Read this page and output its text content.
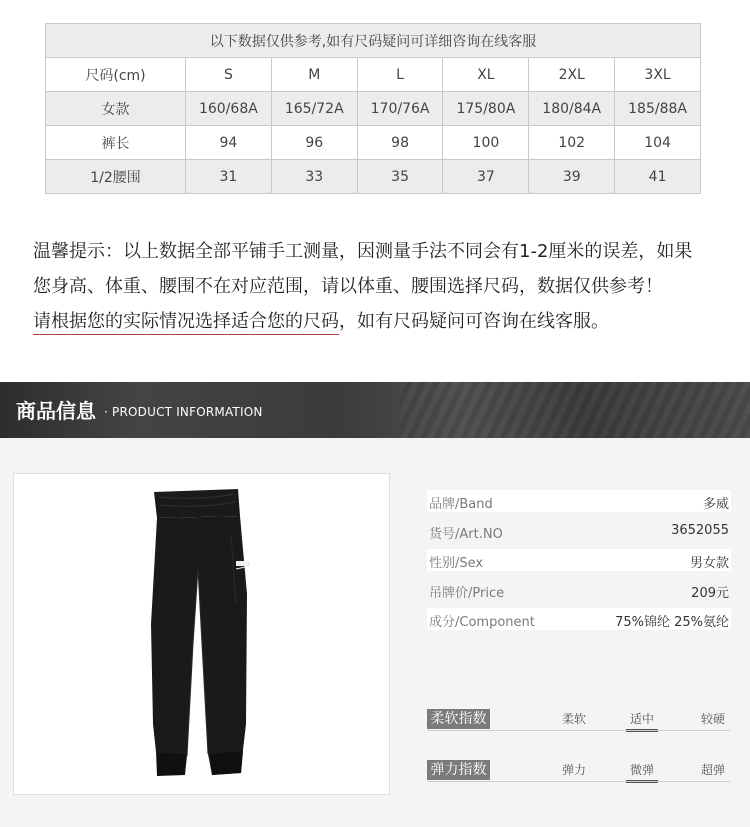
以下数据仅供参考,如有尺码疑问可详细咨询在线客服						
尺码(cm)	S	M	L	XL	2XL	3XL
女款	160/68A	165/72A	170/76A	175/80A	180/84A	185/88A
裤长	94	96	98	100	102	104
1/2腰围	31	33	35	37	39	41
温馨提示：以上数据全部平铺手工测量，因测量手法不同会有1-2厘米的误差，如果
您身高、体重、腰围不在对应范围，请以体重、腰围选择尺码，数据仅供参考！
请根据您的实际情况选择适合您的尺码，如有尺码疑问可咨询在线客服。
商品信息 · PRODUCT INFORMATION
品牌/Band	多威
货号/Art.NO	3652055
性别/Sex	男女款
吊牌价/Price	209元
成分/Component	75%锦纶 25%氨纶
柔软指数	柔软	适中	较硬
弹力指数	弹力	微弹	超弹
